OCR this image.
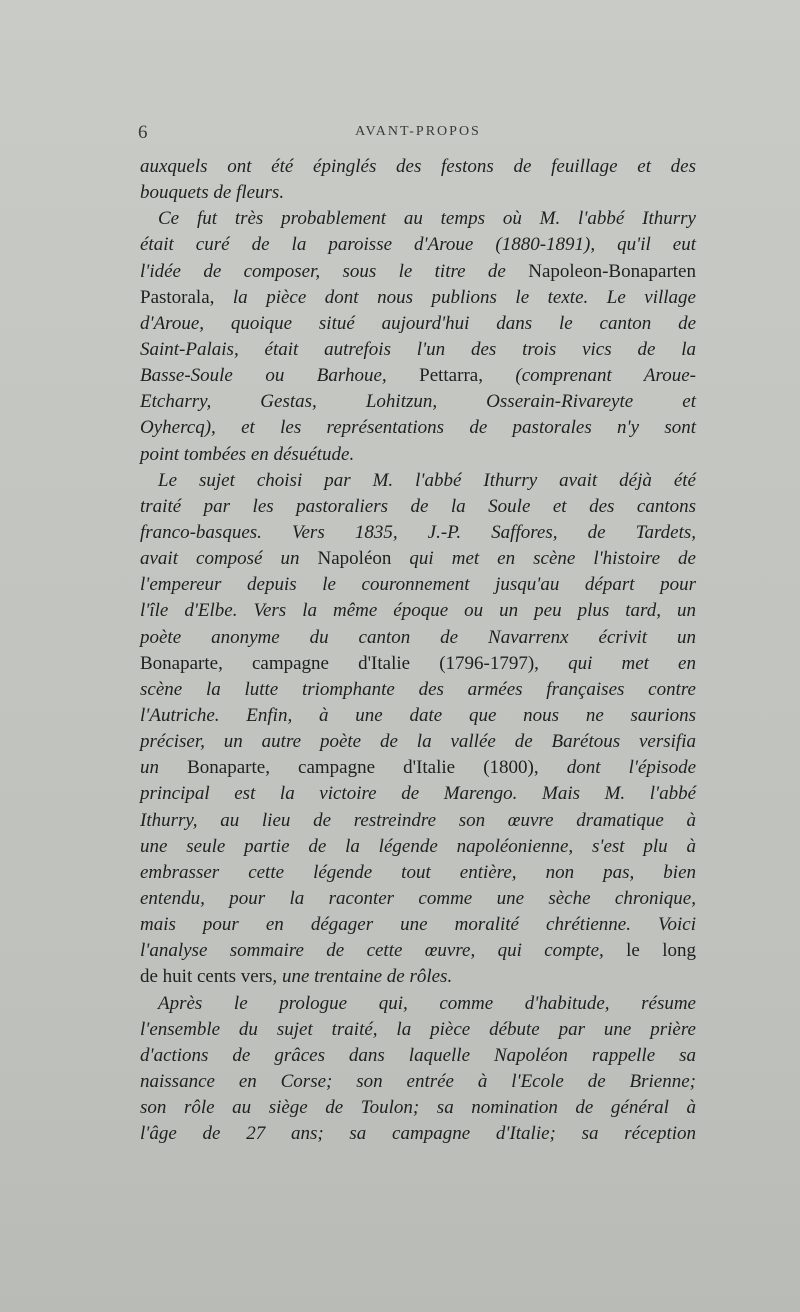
6	AVANT-PROPOS
auxquels ont été épinglés des festons de feuillage et des
bouquets de fleurs.
Ce fut très probablement au temps où M. l'abbé Ithurry
était curé de la paroisse d'Aroue (1880-1891), qu'il eut
l'idée de composer, sous le titre de Napoleon-Bonaparten
Pastorala, la pièce dont nous publions le texte. Le village
d'Aroue, quoique situé aujourd'hui dans le canton de
Saint-Palais, était autrefois l'un des trois vics de la
Basse-Soule ou Barhoue, Pettarra, (comprenant Aroue-
Etcharry, Gestas, Lohitzun, Osserain-Rivareyte et
Oyhercq), et les représentations de pastorales n'y sont
point tombées en désuétude.
Le sujet choisi par M. l'abbé Ithurry avait déjà été
traité par les pastoraliers de la Soule et des cantons
franco-basques. Vers 1835, J.-P. Saffores, de Tardets,
avait composé un Napoléon qui met en scène l'histoire de
l'empereur depuis le couronnement jusqu'au départ pour
l'île d'Elbe. Vers la même époque ou un peu plus tard, un
poète anonyme du canton de Navarrenx écrivit un
Bonaparte, campagne d'Italie (1796-1797), qui met en
scène la lutte triomphante des armées françaises contre
l'Autriche. Enfin, à une date que nous ne saurions
préciser, un autre poète de la vallée de Barétous versifia
un Bonaparte, campagne d'Italie (1800), dont l'épisode
principal est la victoire de Marengo. Mais M. l'abbé
Ithurry, au lieu de restreindre son œuvre dramatique à
une seule partie de la légende napoléonienne, s'est plu à
embrasser cette légende tout entière, non pas, bien
entendu, pour la raconter comme une sèche chronique,
mais pour en dégager une moralité chrétienne. Voici
l'analyse sommaire de cette œuvre, qui compte, le long
de huit cents vers, une trentaine de rôles.
Après le prologue qui, comme d'habitude, résume
l'ensemble du sujet traité, la pièce débute par une prière
d'actions de grâces dans laquelle Napoléon rappelle sa
naissance en Corse; son entrée à l'Ecole de Brienne;
son rôle au siège de Toulon; sa nomination de général à
l'âge de 27 ans; sa campagne d'Italie; sa réception
